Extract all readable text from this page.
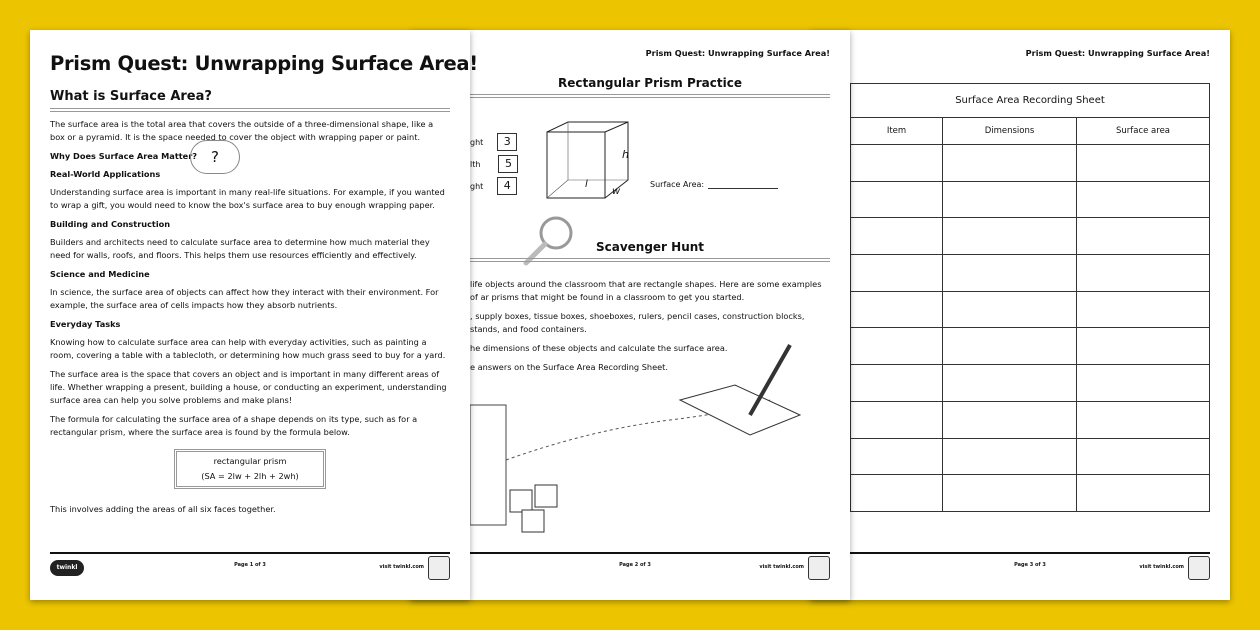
Prism Quest: Unwrapping Surface Area!
What is Surface Area?

The surface area is the total area that covers the outside of a three-dimensional shape, like a box or a pyramid. It is the space needed to cover the object with wrapping paper or paint.

Why Does Surface Area Matter? ?
Real-World Applications

Understanding surface area is important in many real-life situations. For example, if you wanted to wrap a gift, you would need to know the box's surface area to buy enough wrapping paper.

Building and Construction

Builders and architects need to calculate surface area to determine how much material they need for walls, roofs, and floors. This helps them use resources efficiently and effectively.

Science and Medicine

In science, the surface area of objects can affect how they interact with their environment. For example, the surface area of cells impacts how they absorb nutrients.

Everyday Tasks

Knowing how to calculate surface area can help with everyday activities, such as painting a room, covering a table with a tablecloth, or determining how much grass seed to buy for a yard.

The surface area is the space that covers an object and is important in many different areas of life. Whether wrapping a present, building a house, or conducting an experiment, understanding surface area can help you solve problems and make plans!

The formula for calculating the surface area of a shape depends on its type, such as for a rectangular prism, where the surface area is found by the formula below.

rectangular prism
(SA = 2lw + 2lh + 2wh)

This involves adding the areas of all six faces together.

twinkl	Page 1 of 3	visit twinkl.com
Prism Quest: Unwrapping Surface Area!
Rectangular Prism Practice
ght 3
lth 5
ght 4
h
l
w
Surface Area:
Scavenger Hunt

life objects around the classroom that are rectangle shapes. Here are some examples of ar prisms that might be found in a classroom to get you started.

, supply boxes, tissue boxes, shoeboxes, rulers, pencil cases, construction blocks, stands, and food containers.

he dimensions of these objects and calculate the surface area.

e answers on the Surface Area Recording Sheet.

Page 2 of 3	visit twinkl.com
Prism Quest: Unwrapping Surface Area!
Surface Area Recording Sheet		
Item	Dimensions	Surface area

Page 3 of 3	visit twinkl.com
